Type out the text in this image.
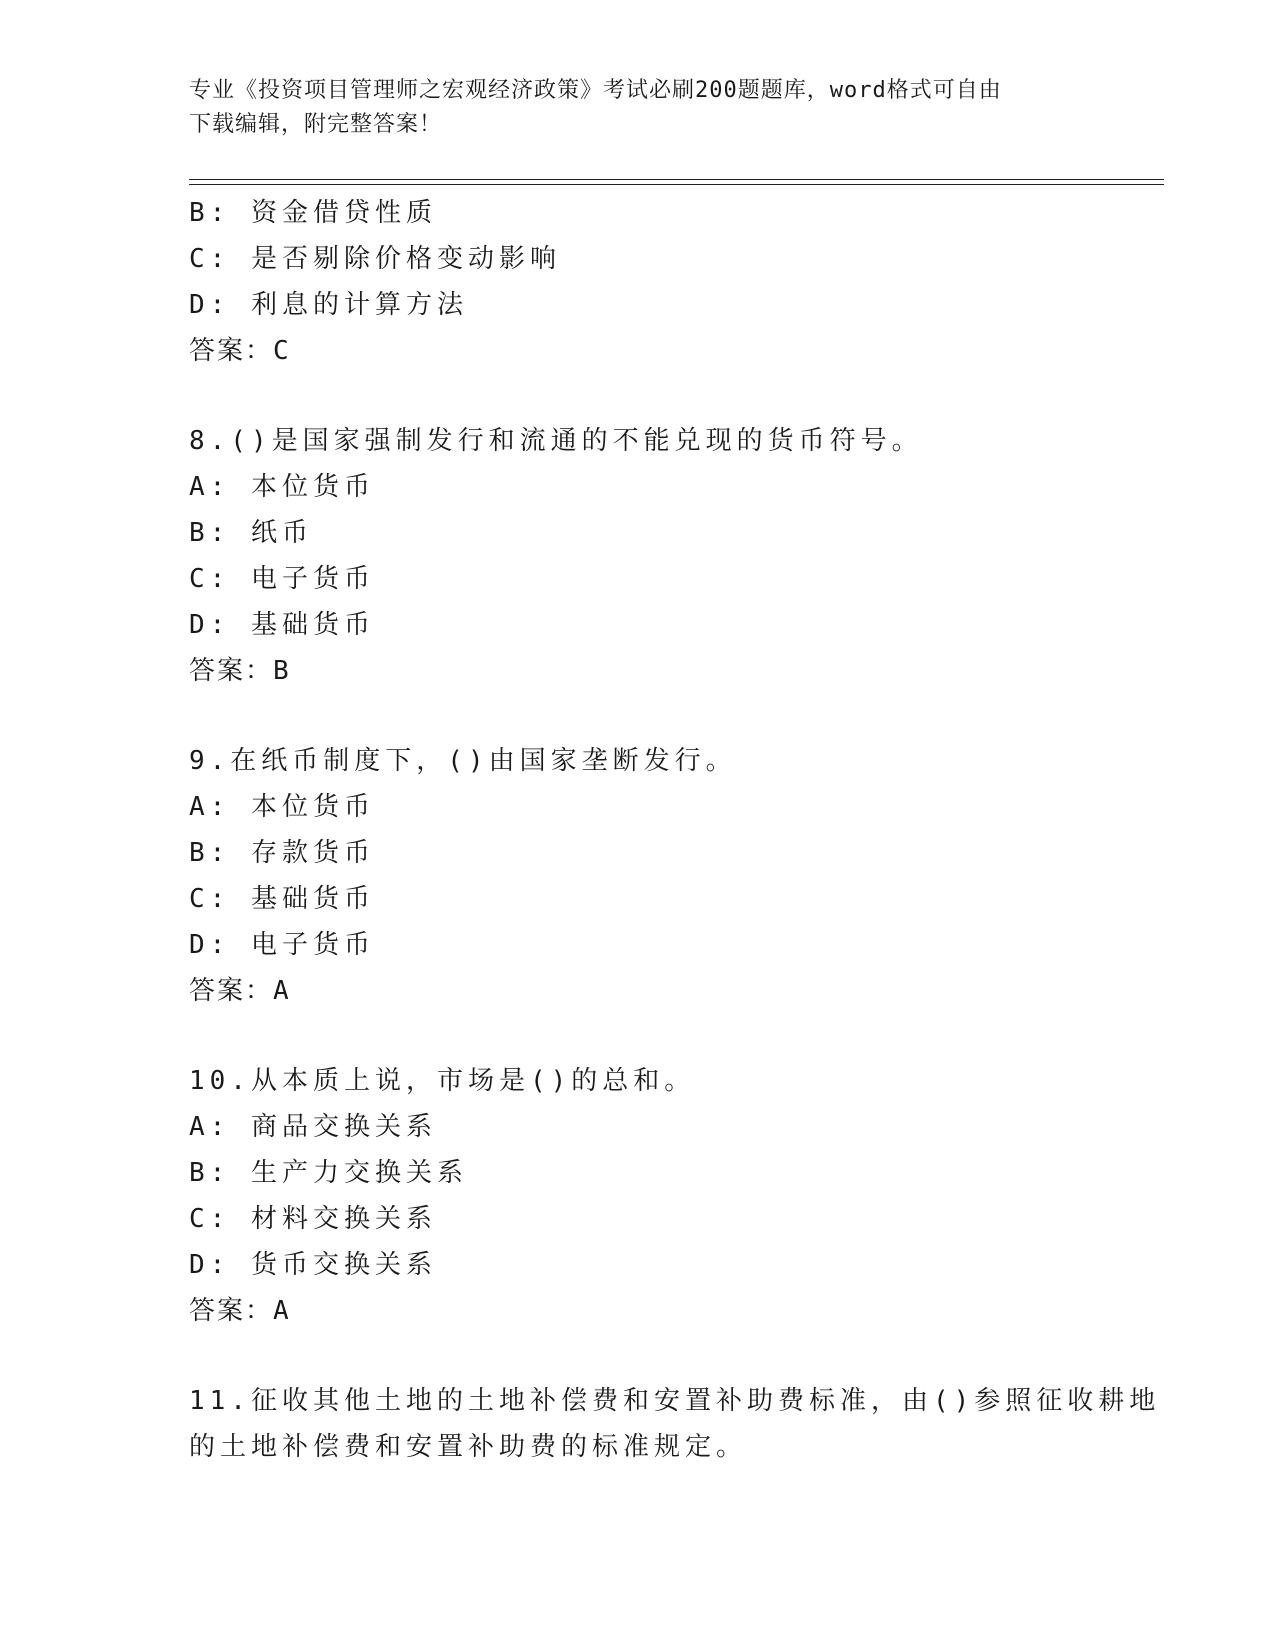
专业《投资项目管理师之宏观经济政策》考试必刷200题题库，word格式可自由
下载编辑，附完整答案！
B: 资金借贷性质
C: 是否剔除价格变动影响
D: 利息的计算方法
答案：C
8.()是国家强制发行和流通的不能兑现的货币符号。
A: 本位货币
B: 纸币
C: 电子货币
D: 基础货币
答案：B
9.在纸币制度下，()由国家垄断发行。
A: 本位货币
B: 存款货币
C: 基础货币
D: 电子货币
答案：A
10.从本质上说，市场是()的总和。
A: 商品交换关系
B: 生产力交换关系
C: 材料交换关系
D: 货币交换关系
答案：A
11.征收其他土地的土地补偿费和安置补助费标准，由()参照征收耕地
的土地补偿费和安置补助费的标准规定。
